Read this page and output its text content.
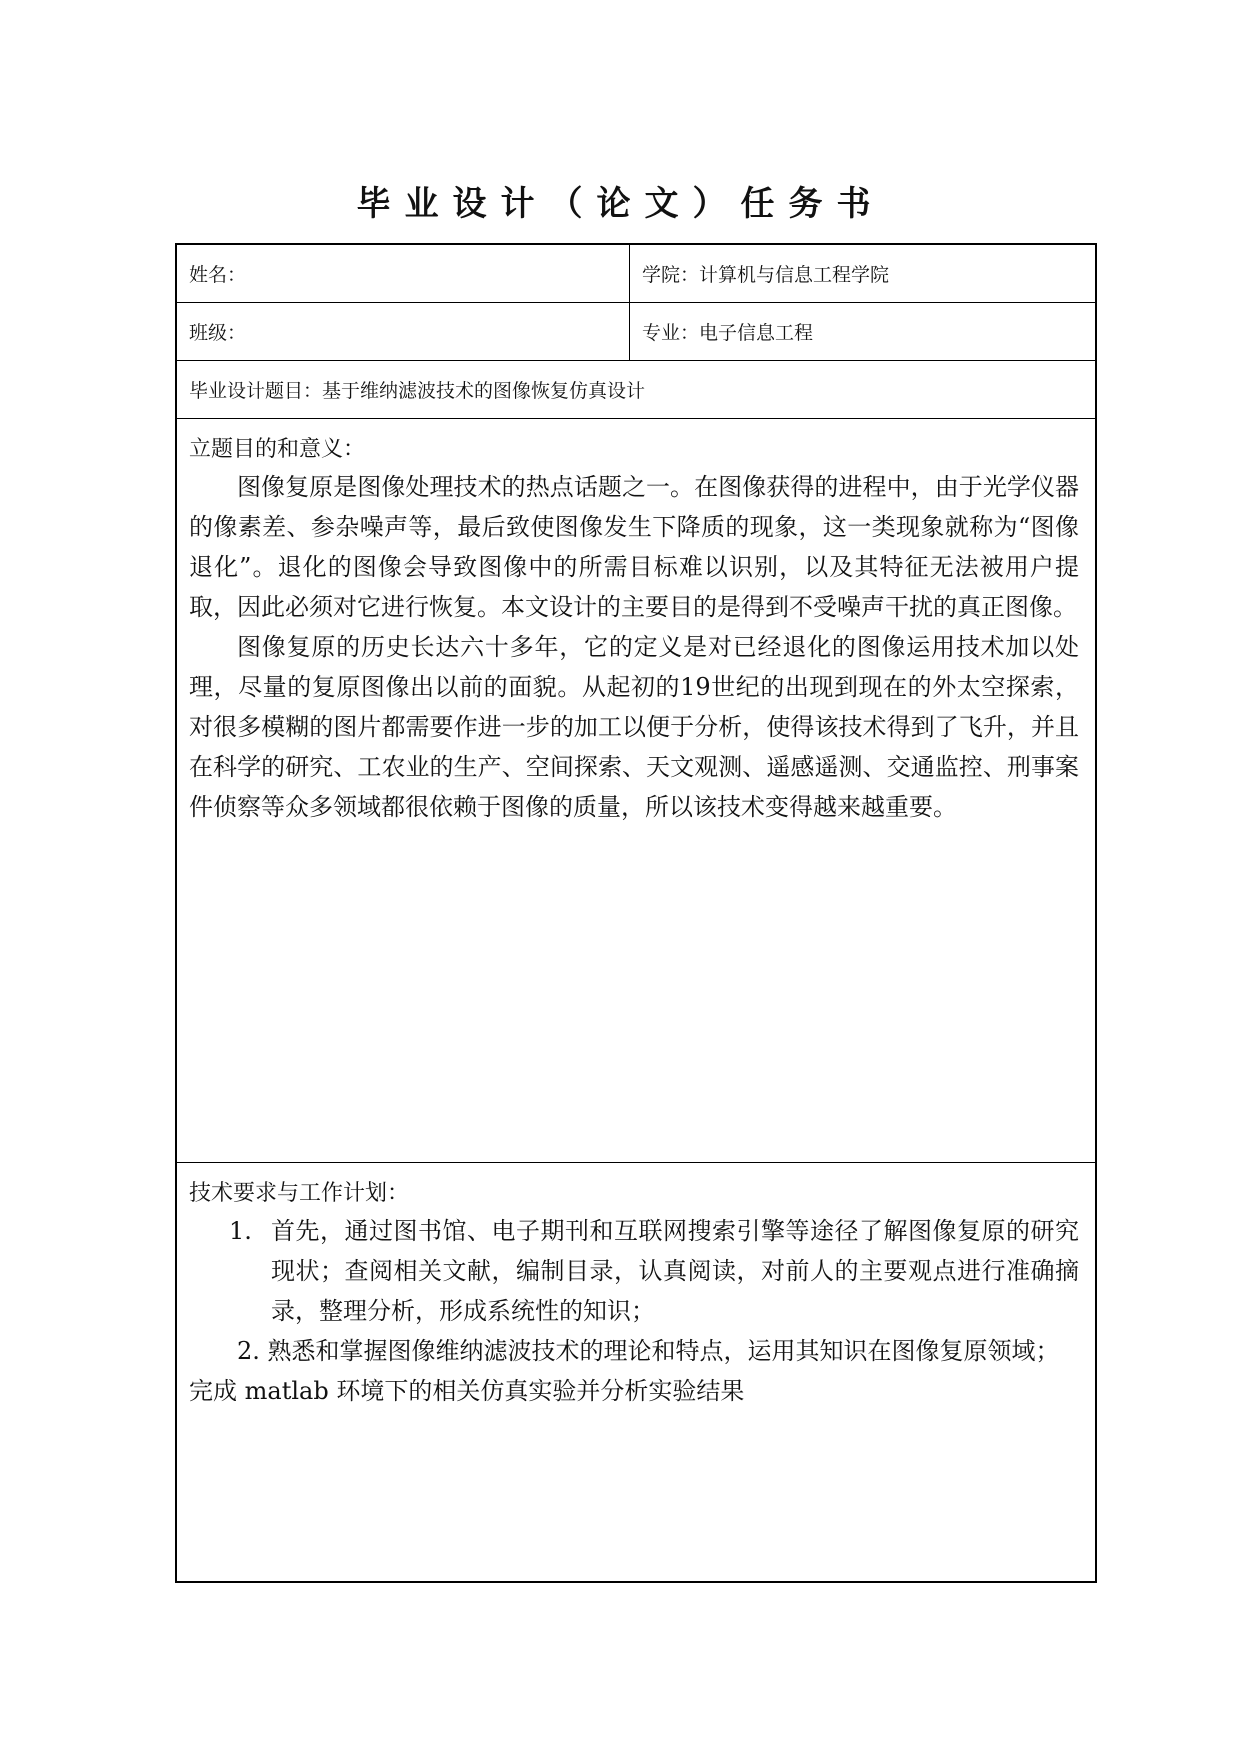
毕业设计（论文）任务书
姓名：	学院： 计算机与信息工程学院
班级：	专业： 电子信息工程
毕业设计题目： 基于维纳滤波技术的图像恢复仿真设计
立题目的和意义：

图像复原是图像处理技术的热点话题之一。在图像获得的进程中，由于光学仪器的像素差、参杂噪声等，最后致使图像发生下降质的现象，这一类现象就称为“图像退化”。退化的图像会导致图像中的所需目标难以识别，以及其特征无法被用户提取，因此必须对它进行恢复。本文设计的主要目的是得到不受噪声干扰的真正图像。

图像复原的历史长达六十多年，它的定义是对已经退化的图像运用技术加以处理，尽量的复原图像出以前的面貌。从起初的19世纪的出现到现在的外太空探索，对很多模糊的图片都需要作进一步的加工以便于分析，使得该技术得到了飞升，并且在科学的研究、工农业的生产、空间探索、天文观测、遥感遥测、交通监控、刑事案件侦察等众多领域都很依赖于图像的质量，所以该技术变得越来越重要。

技术要求与工作计划：
1. 首先，通过图书馆、电子期刊和互联网搜索引擎等途径了解图像复原的研究现状；查阅相关文献，编制目录，认真阅读，对前人的主要观点进行准确摘录，整理分析，形成系统性的知识；

2. 熟悉和掌握图像维纳滤波技术的理论和特点，运用其知识在图像复原领域；完成 matlab 环境下的相关仿真实验并分析实验结果
